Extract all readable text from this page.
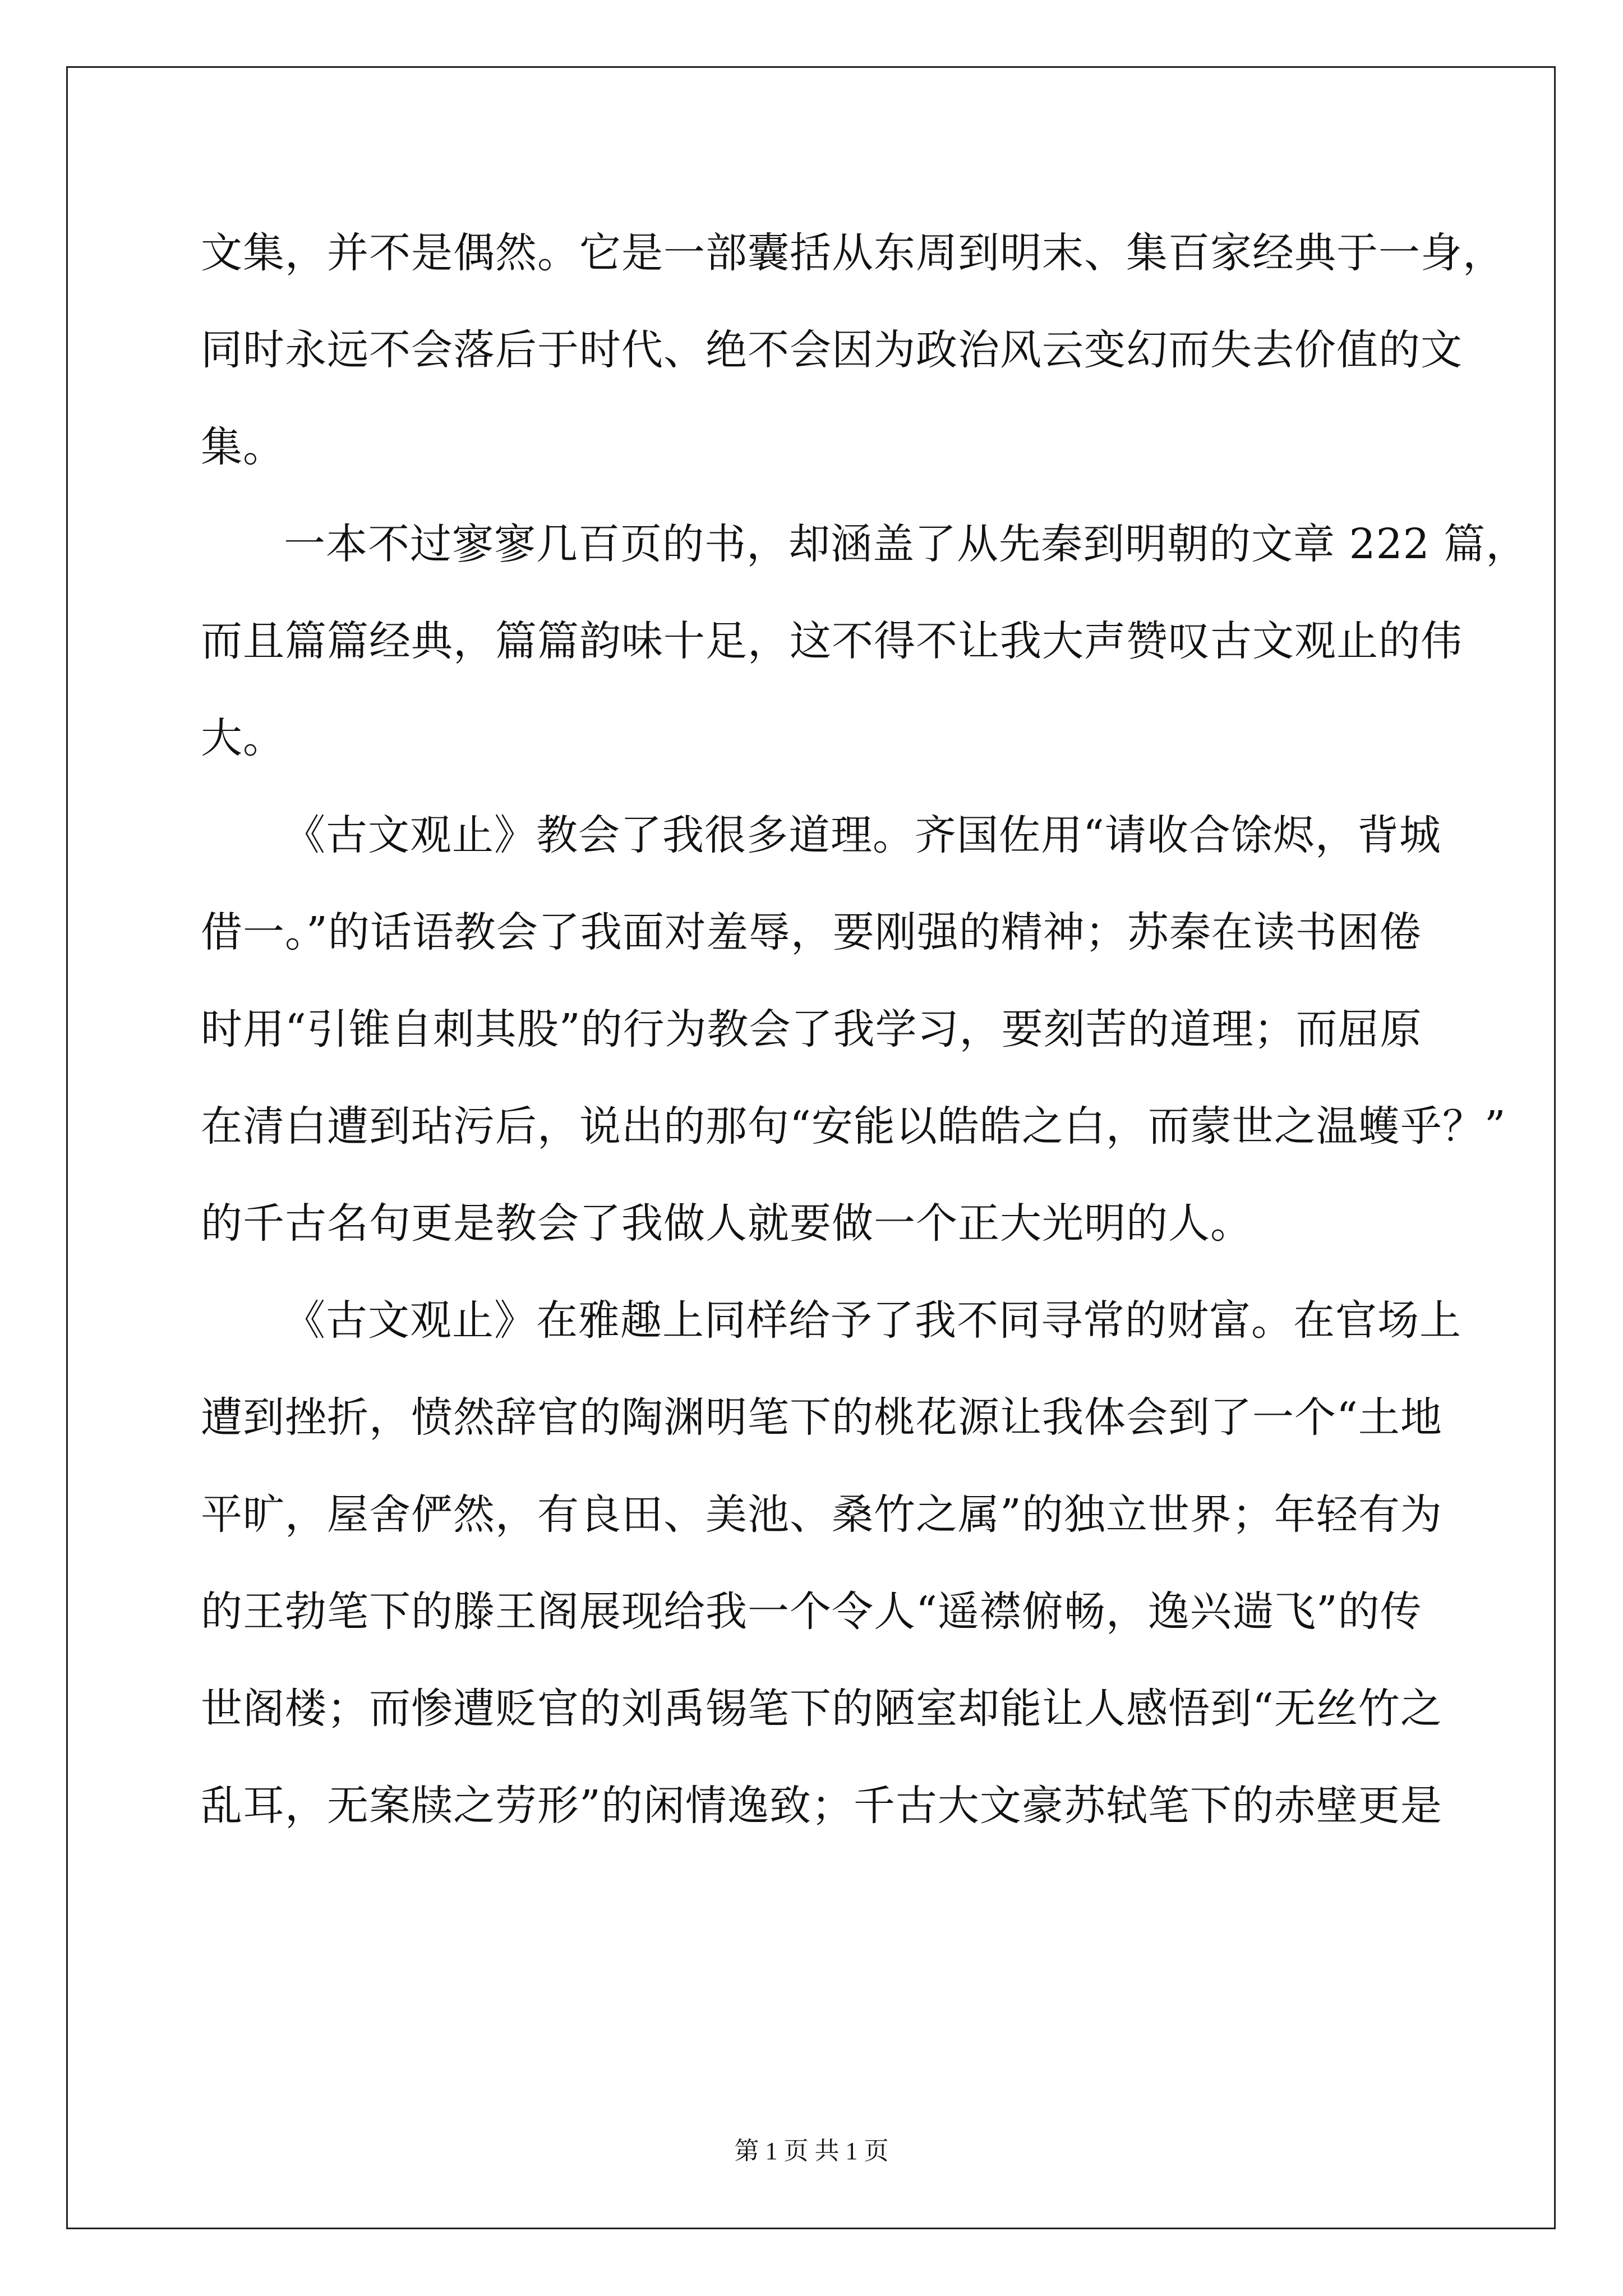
文集，并不是偶然。它是一部囊括从东周到明末、集百家经典于一身，
同时永远不会落后于时代、绝不会因为政治风云变幻而失去价值的文
集。
一本不过寥寥几百页的书，却涵盖了从先秦到明朝的文章 222 篇，
而且篇篇经典，篇篇韵味十足，这不得不让我大声赞叹古文观止的伟
大。
《古文观止》教会了我很多道理。齐国佐用“请收合馀烬，背城
借一。”的话语教会了我面对羞辱，要刚强的精神；苏秦在读书困倦
时用“引锥自刺其股”的行为教会了我学习，要刻苦的道理；而屈原
在清白遭到玷污后，说出的那句“安能以皓皓之白，而蒙世之温蠖乎？”
的千古名句更是教会了我做人就要做一个正大光明的人。
《古文观止》在雅趣上同样给予了我不同寻常的财富。在官场上
遭到挫折，愤然辞官的陶渊明笔下的桃花源让我体会到了一个“土地
平旷，屋舍俨然，有良田、美池、桑竹之属”的独立世界；年轻有为
的王勃笔下的滕王阁展现给我一个令人“遥襟俯畅，逸兴遄飞”的传
世阁楼；而惨遭贬官的刘禹锡笔下的陋室却能让人感悟到“无丝竹之
乱耳，无案牍之劳形”的闲情逸致；千古大文豪苏轼笔下的赤壁更是
第 1 页 共 1 页
